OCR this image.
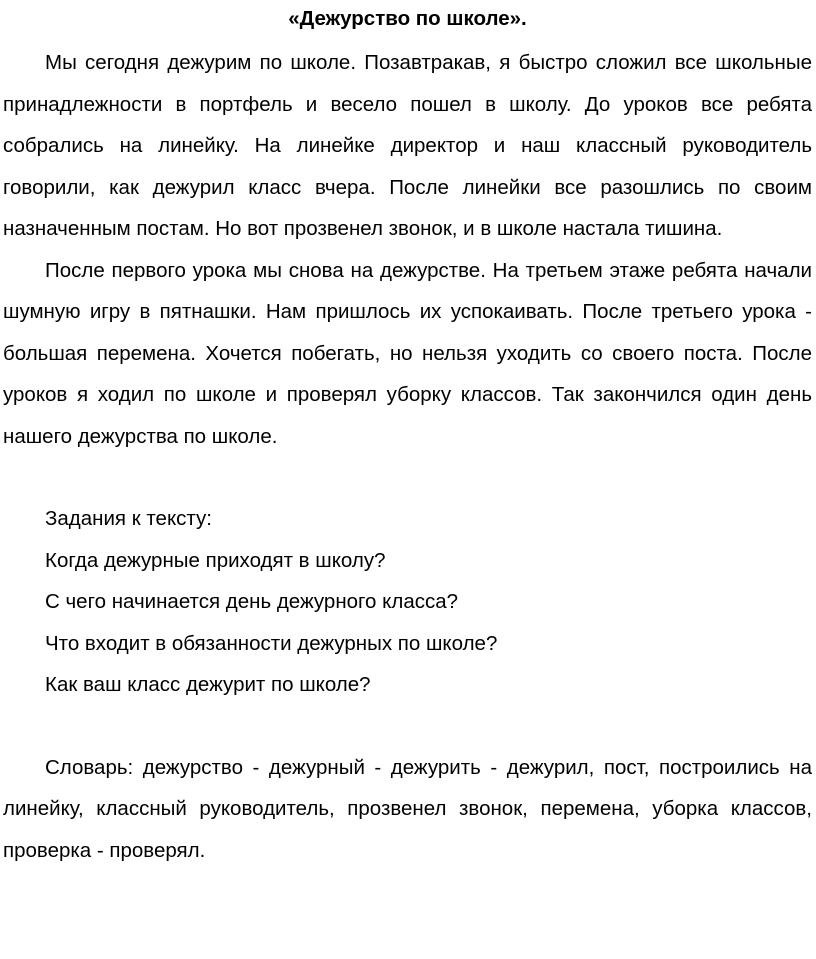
«Дежурство по школе».

Мы сегодня дежурим по школе. Позавтракав, я быстро сложил все школьные принадлежности в портфель и весело пошел в школу. До уроков все ребята собрались на линейку. На линейке директор и наш классный руководитель говорили, как дежурил класс вчера. После линейки все разошлись по своим назначенным постам. Но вот прозвенел звонок, и в школе настала тишина.

После первого урока мы снова на дежурстве. На третьем этаже ребята начали шумную игру в пятнашки. Нам пришлось их успокаивать. После третьего урока - большая перемена. Хочется побегать, но нельзя уходить со своего поста. После уроков я ходил по школе и проверял уборку классов. Так закончился один день нашего дежурства по школе.

Задания к тексту:

Когда дежурные приходят в школу?
С чего начинается день дежурного класса?
Что входит в обязанности дежурных по школе?
Как ваш класс дежурит по школе?

Словарь: дежурство - дежурный - дежурить - дежурил, пост, построились на линейку, классный руководитель, прозвенел звонок, перемена, уборка классов, проверка - проверял.
